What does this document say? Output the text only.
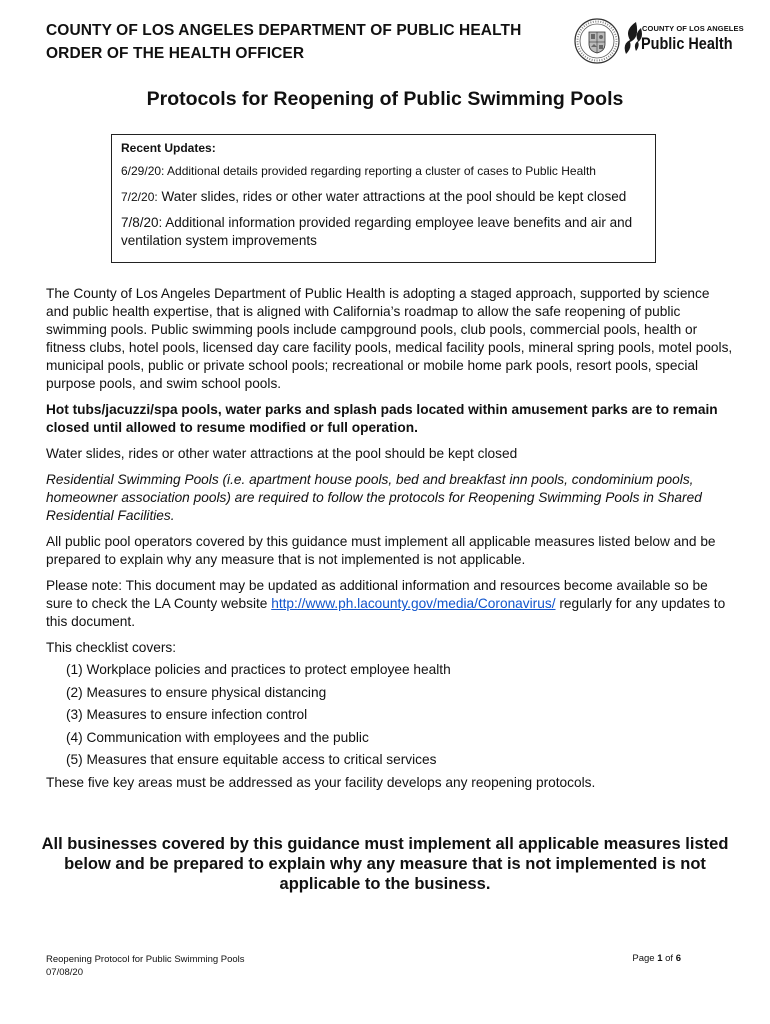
COUNTY OF LOS ANGELES DEPARTMENT OF PUBLIC HEALTH
ORDER OF THE HEALTH OFFICER
COUNTY OF LOS ANGELES
Public Health
Protocols for Reopening of Public Swimming Pools
Recent Updates:
6/29/20: Additional details provided regarding reporting a cluster of cases to Public Health
7/2/20: Water slides, rides or other water attractions at the pool should be kept closed
7/8/20: Additional information provided regarding employee leave benefits and air and ventilation system improvements

The County of Los Angeles Department of Public Health is adopting a staged approach, supported by science and public health expertise, that is aligned with California’s roadmap to allow the safe reopening of public swimming pools. Public swimming pools include campground pools, club pools, commercial pools, health or fitness clubs, hotel pools, licensed day care facility pools, medical facility pools, mineral spring pools, motel pools, municipal pools, public or private school pools; recreational or mobile home park pools, resort pools, special purpose pools, and swim school pools.

Hot tubs/jacuzzi/spa pools, water parks and splash pads located within amusement parks are to remain closed until allowed to resume modified or full operation.

Water slides, rides or other water attractions at the pool should be kept closed

Residential Swimming Pools (i.e. apartment house pools, bed and breakfast inn pools, condominium pools, homeowner association pools) are required to follow the protocols for Reopening Swimming Pools in Shared Residential Facilities.

All public pool operators covered by this guidance must implement all applicable measures listed below and be prepared to explain why any measure that is not implemented is not applicable.

Please note: This document may be updated as additional information and resources become available so be sure to check the LA County website http://www.ph.lacounty.gov/media/Coronavirus/ regularly for any updates to this document.

This checklist covers:

(1) Workplace policies and practices to protect employee health
(2) Measures to ensure physical distancing
(3) Measures to ensure infection control
(4) Communication with employees and the public
(5) Measures that ensure equitable access to critical services

These five key areas must be addressed as your facility develops any reopening protocols.

All businesses covered by this guidance must implement all applicable measures listed below and be prepared to explain why any measure that is not implemented is not applicable to the business.
Reopening Protocol for Public Swimming Pools
07/08/20
Page 1 of 6
